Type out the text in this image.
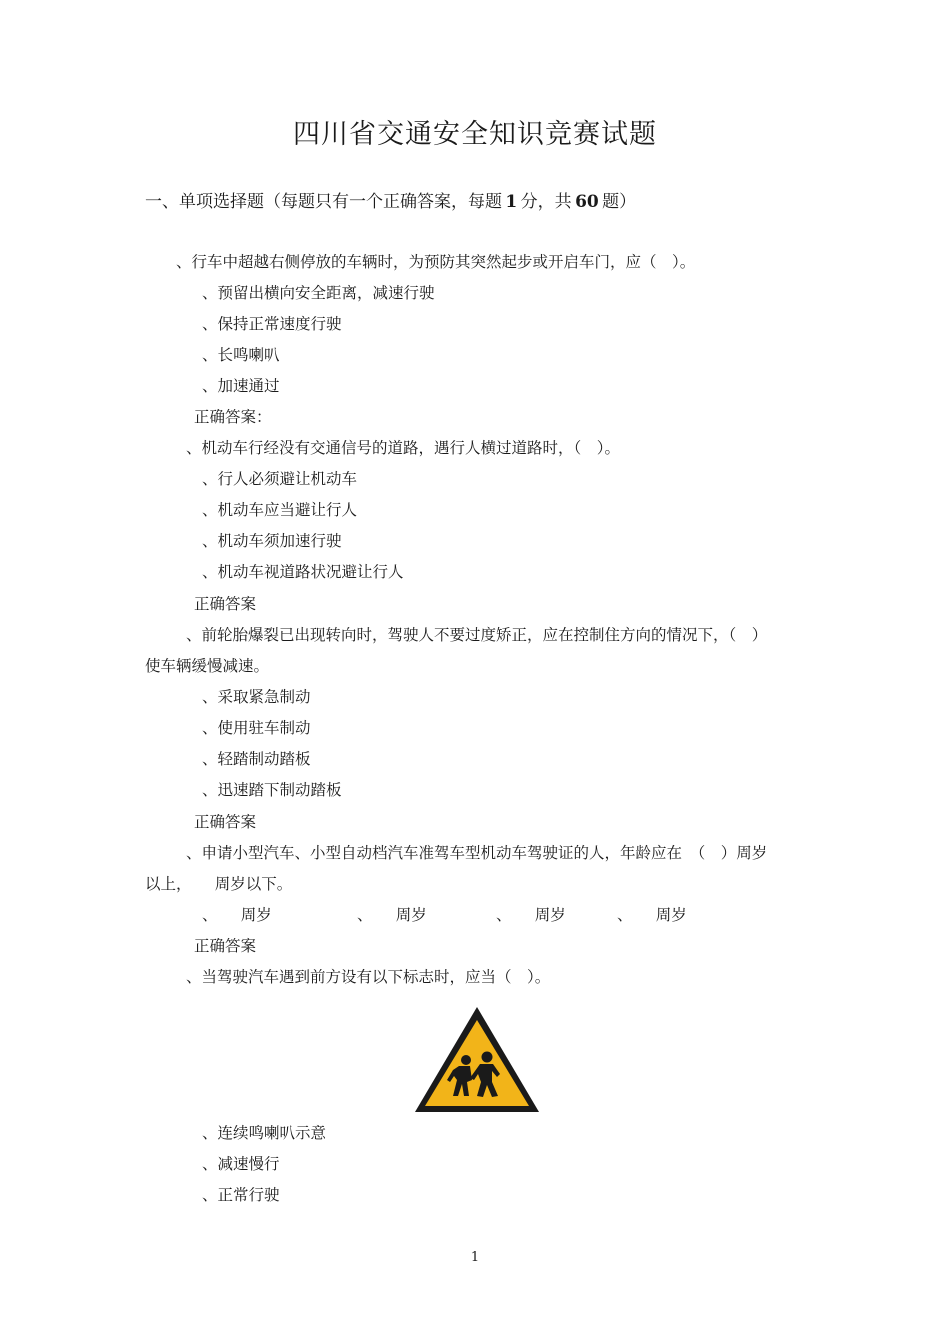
四川省交通安全知识竞赛试题
一、单项选择题（每题只有一个正确答案，每题  1  分，共  60  题）
、行车中超越右侧停放的车辆时，为预防其突然起步或开启车门，应（　）。
、预留出横向安全距离，减速行驶
、保持正常速度行驶
、长鸣喇叭
、加速通过
正确答案：
、机动车行经没有交通信号的道路，遇行人横过道路时，（　）。
、行人必须避让机动车
、机动车应当避让行人
、机动车须加速行驶
、机动车视道路状况避让行人
正确答案
、前轮胎爆裂已出现转向时，驾驶人不要过度矫正，应在控制住方向的情况下，（　）
使车辆缓慢减速。
、采取紧急制动
、使用驻车制动
、轻踏制动踏板
、迅速踏下制动踏板
正确答案
、申请小型汽车、小型自动档汽车准驾车型机动车驾驶证的人，年龄应在　（　）周岁
以上，　　周岁以下。
、　　周岁	、　　周岁	、　　周岁	、　　周岁
正确答案
、当驾驶汽车遇到前方设有以下标志时，应当（　）。
、连续鸣喇叭示意
、减速慢行
、正常行驶
1
